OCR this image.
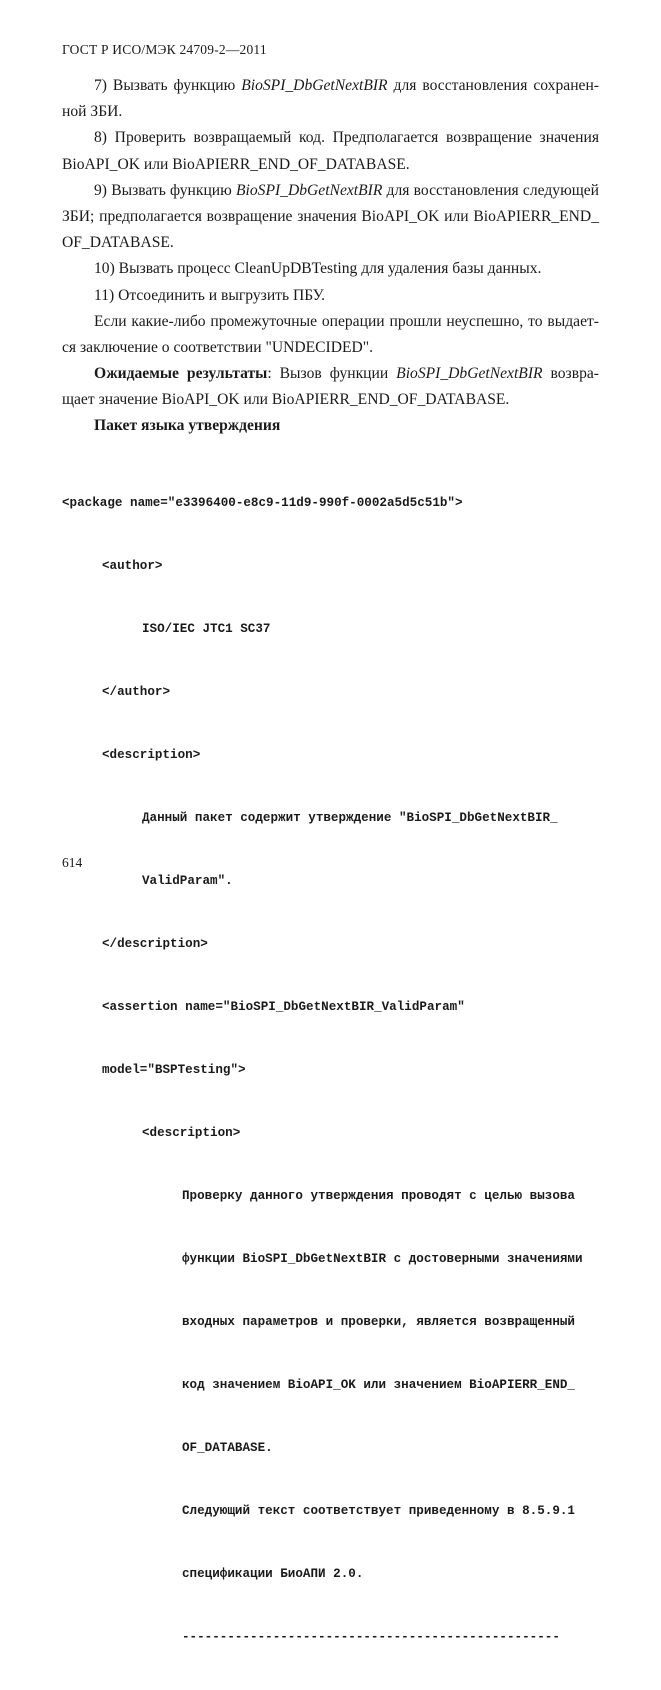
ГОСТ Р ИСО/МЭК 24709-2—2011
7) Вызвать функцию BioSPI_DbGetNextBIR для восстановления сохранен-
ной ЗБИ.
8) Проверить возвращаемый код. Предполагается возвращение значения
BioAPI_OK или BioAPIERR_END_OF_DATABASE.
9) Вызвать функцию BioSPI_DbGetNextBIR для восстановления следующей
ЗБИ; предполагается возвращение значения BioAPI_OK или BioAPIERR_END_
OF_DATABASE.
10) Вызвать процесс CleanUpDBTesting для удаления базы данных.
11) Отсоединить и выгрузить ПБУ.
Если какие-либо промежуточные операции прошли неуспешно, то выдает-
ся заключение о соответствии "UNDECIDED".
Ожидаемые результаты: Вызов функции BioSPI_DbGetNextBIR возвра-
щает значение BioAPI_OK или BioAPIERR_END_OF_DATABASE.
Пакет языка утверждения

<package name="e3396400-e8c9-11d9-990f-0002a5d5c51b">

<author>

ISO/IEC JTC1 SC37

</author>

<description>

Данный пакет содержит утверждение "BioSPI_DbGetNextBIR_

ValidParam".

</description>

<assertion name="BioSPI_DbGetNextBIR_ValidParam"

model="BSPTesting">

<description>

Проверку данного утверждения проводят с целью вызова

функции BioSPI_DbGetNextBIR с достоверными значениями

входных параметров и проверки, является возвращенный

код значением BioAPI_OK или значением BioAPIERR_END_

OF_DATABASE.

Следующий текст соответствует приведенному в 8.5.9.1

спецификации БиоАПИ 2.0.

--------------------------------------------------

614
